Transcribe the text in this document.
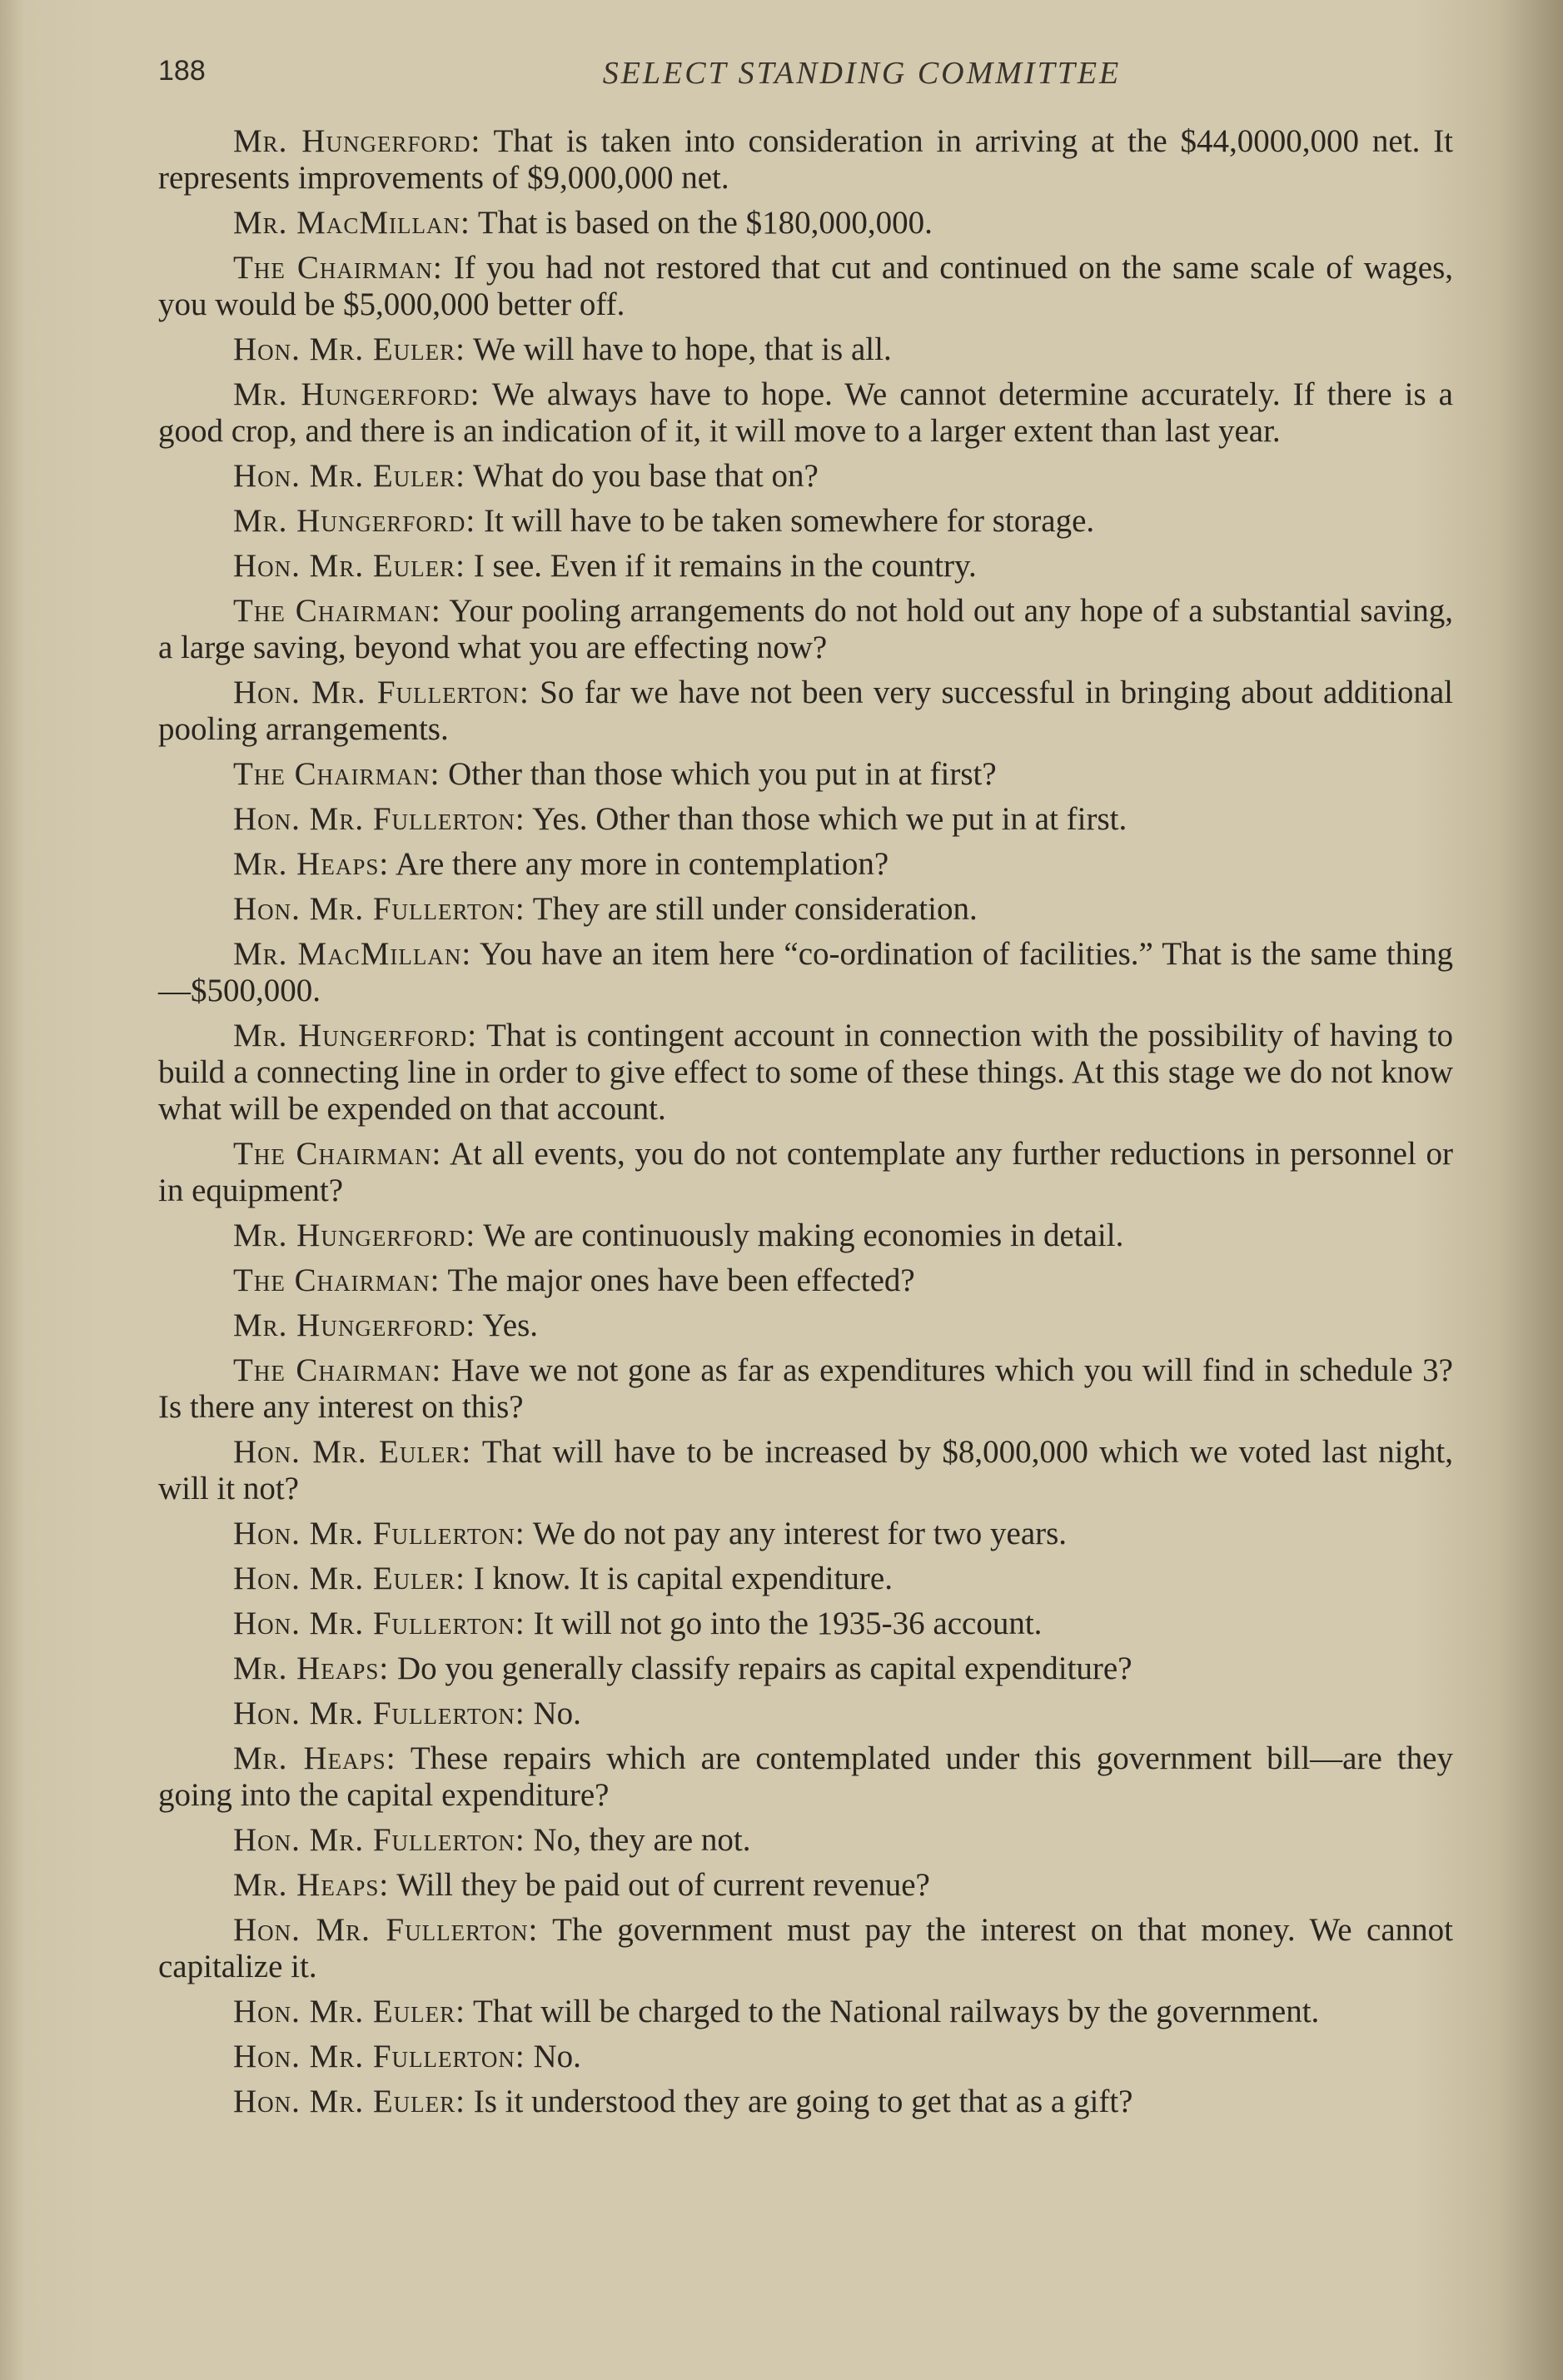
188	SELECT STANDING COMMITTEE

Mr. Hungerford: That is taken into consideration in arriving at the $44,0000,000 net. It represents improvements of $9,000,000 net.

Mr. MacMillan: That is based on the $180,000,000.

The Chairman: If you had not restored that cut and continued on the same scale of wages, you would be $5,000,000 better off.

Hon. Mr. Euler: We will have to hope, that is all.

Mr. Hungerford: We always have to hope. We cannot determine accurately. If there is a good crop, and there is an indication of it, it will move to a larger extent than last year.

Hon. Mr. Euler: What do you base that on?

Mr. Hungerford: It will have to be taken somewhere for storage.

Hon. Mr. Euler: I see. Even if it remains in the country.

The Chairman: Your pooling arrangements do not hold out any hope of a substantial saving, a large saving, beyond what you are effecting now?

Hon. Mr. Fullerton: So far we have not been very successful in bringing about additional pooling arrangements.

The Chairman: Other than those which you put in at first?

Hon. Mr. Fullerton: Yes. Other than those which we put in at first.

Mr. Heaps: Are there any more in contemplation?

Hon. Mr. Fullerton: They are still under consideration.

Mr. MacMillan: You have an item here “co-ordination of facilities.” That is the same thing—$500,000.

Mr. Hungerford: That is contingent account in connection with the possibility of having to build a connecting line in order to give effect to some of these things. At this stage we do not know what will be expended on that account.

The Chairman: At all events, you do not contemplate any further reductions in personnel or in equipment?

Mr. Hungerford: We are continuously making economies in detail.

The Chairman: The major ones have been effected?

Mr. Hungerford: Yes.

The Chairman: Have we not gone as far as expenditures which you will find in schedule 3? Is there any interest on this?

Hon. Mr. Euler: That will have to be increased by $8,000,000 which we voted last night, will it not?

Hon. Mr. Fullerton: We do not pay any interest for two years.

Hon. Mr. Euler: I know. It is capital expenditure.

Hon. Mr. Fullerton: It will not go into the 1935-36 account.

Mr. Heaps: Do you generally classify repairs as capital expenditure?

Hon. Mr. Fullerton: No.

Mr. Heaps: These repairs which are contemplated under this government bill—are they going into the capital expenditure?

Hon. Mr. Fullerton: No, they are not.

Mr. Heaps: Will they be paid out of current revenue?

Hon. Mr. Fullerton: The government must pay the interest on that money. We cannot capitalize it.

Hon. Mr. Euler: That will be charged to the National railways by the government.

Hon. Mr. Fullerton: No.

Hon. Mr. Euler: Is it understood they are going to get that as a gift?
